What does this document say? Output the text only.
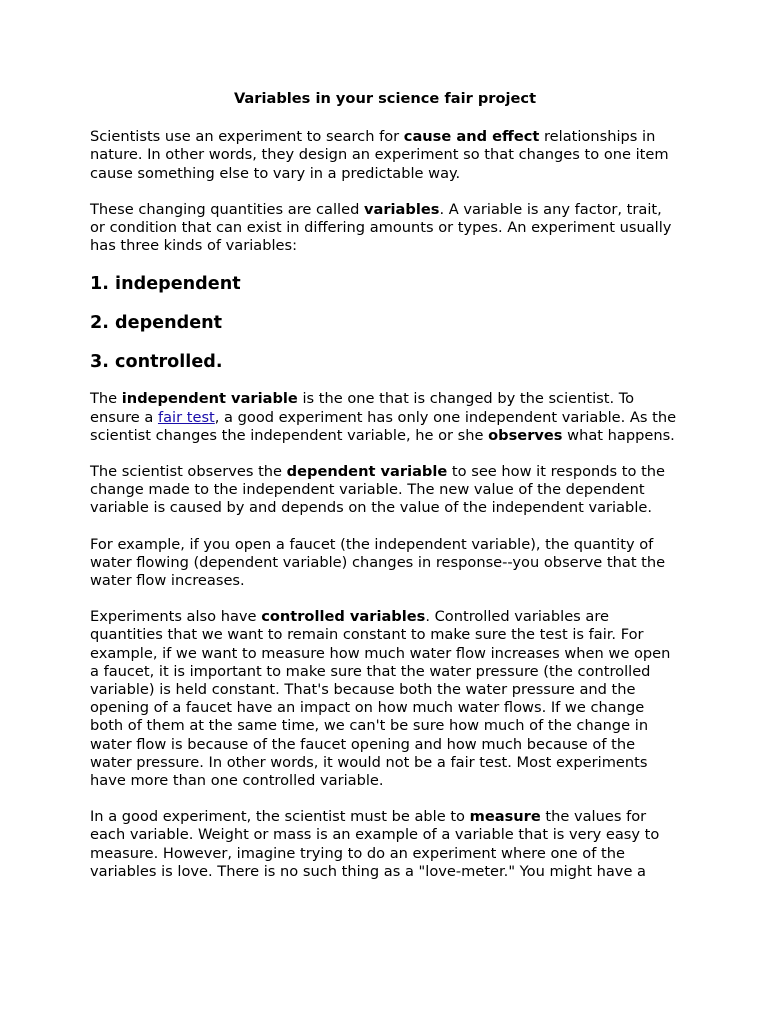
Variables in your science fair project

Scientists use an experiment to search for cause and effect relationships in nature. In other words, they design an experiment so that changes to one item cause something else to vary in a predictable way.

These changing quantities are called variables. A variable is any factor, trait, or condition that can exist in differing amounts or types. An experiment usually has three kinds of variables:

1. independent
2. dependent
3. controlled.

The independent variable is the one that is changed by the scientist. To ensure a fair test, a good experiment has only one independent variable. As the scientist changes the independent variable, he or she observes what happens.

The scientist observes the dependent variable to see how it responds to the change made to the independent variable. The new value of the dependent variable is caused by and depends on the value of the independent variable.

For example, if you open a faucet (the independent variable), the quantity of water flowing (dependent variable) changes in response--you observe that the water flow increases.

Experiments also have controlled variables. Controlled variables are quantities that we want to remain constant to make sure the test is fair. For example, if we want to measure how much water flow increases when we open a faucet, it is important to make sure that the water pressure (the controlled variable) is held constant. That's because both the water pressure and the opening of a faucet have an impact on how much water flows. If we change both of them at the same time, we can't be sure how much of the change in water flow is because of the faucet opening and how much because of the water pressure. In other words, it would not be a fair test. Most experiments have more than one controlled variable.

In a good experiment, the scientist must be able to measure the values for each variable. Weight or mass is an example of a variable that is very easy to measure. However, imagine trying to do an experiment where one of the variables is love. There is no such thing as a "love-meter." You might have a
